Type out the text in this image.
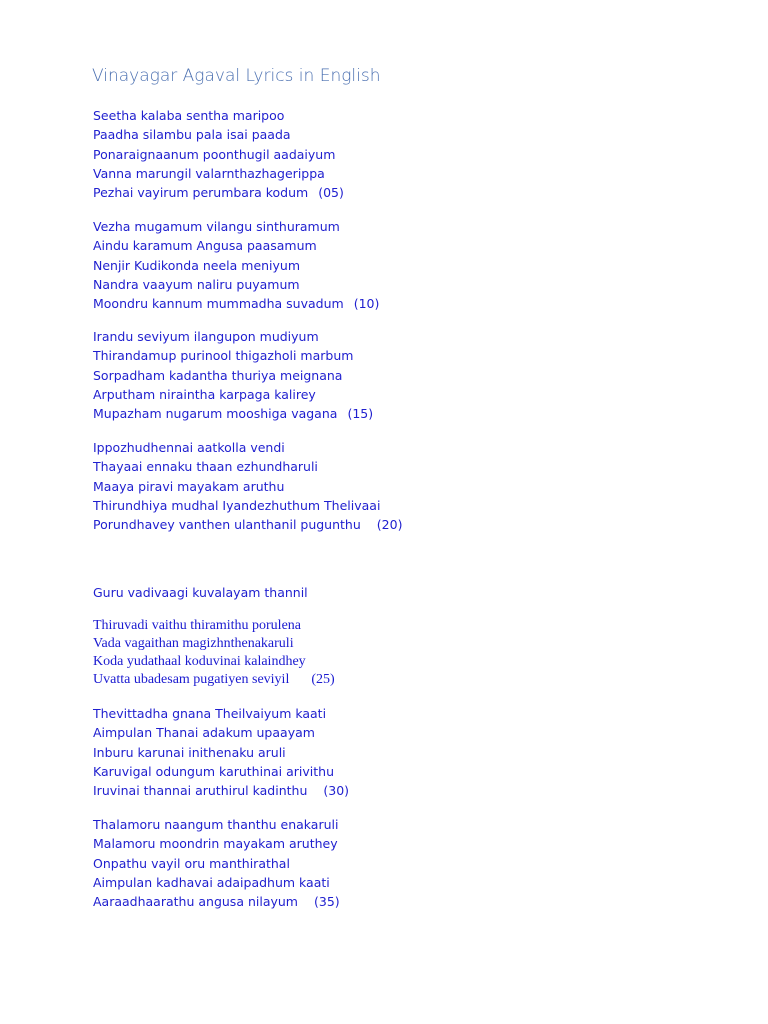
Vinayagar Agaval Lyrics in English
Seetha kalaba sentha maripoo
Paadha silambu pala isai paada
Ponaraignaanum poonthugil aadaiyum
Vanna marungil valarnthazhagerippa
Pezhai vayirum perumbara kodum (05)
Vezha mugamum vilangu sinthuramum
Aindu karamum Angusa paasamum
Nenjir Kudikonda neela meniyum
Nandra vaayum naliru puyamum
Moondru kannum mummadha suvadum (10)
Irandu seviyum ilangupon mudiyum
Thirandamup purinool thigazholi marbum
Sorpadham kadantha thuriya meignana
Arputham niraintha karpaga kalirey
Mupazham nugarum mooshiga vagana (15)
Ippozhudhennai aatkolla vendi
Thayaai ennaku thaan ezhundharuli
Maaya piravi mayakam aruthu
Thirundhiya mudhal Iyandezhuthum Thelivaai
Porundhavey vanthen ulanthanil pugunthu (20)
Guru vadivaagi kuvalayam thannil
Thiruvadi vaithu thiramithu porulena
Vada vagaithan magizhnthenakaruli
Koda yudathaal koduvinai kalaindhey
Uvatta ubadesam pugatiyen seviyil (25)
Thevittadha gnana Theilvaiyum kaati
Aimpulan Thanai adakum upaayam
Inburu karunai inithenaku aruli
Karuvigal odungum karuthinai arivithu
Iruvinai thannai aruthirul kadinthu (30)
Thalamoru naangum thanthu enakaruli
Malamoru moondrin mayakam aruthey
Onpathu vayil oru manthirathal
Aimpulan kadhavai adaipadhum kaati
Aaraadhaarathu angusa nilayum (35)
